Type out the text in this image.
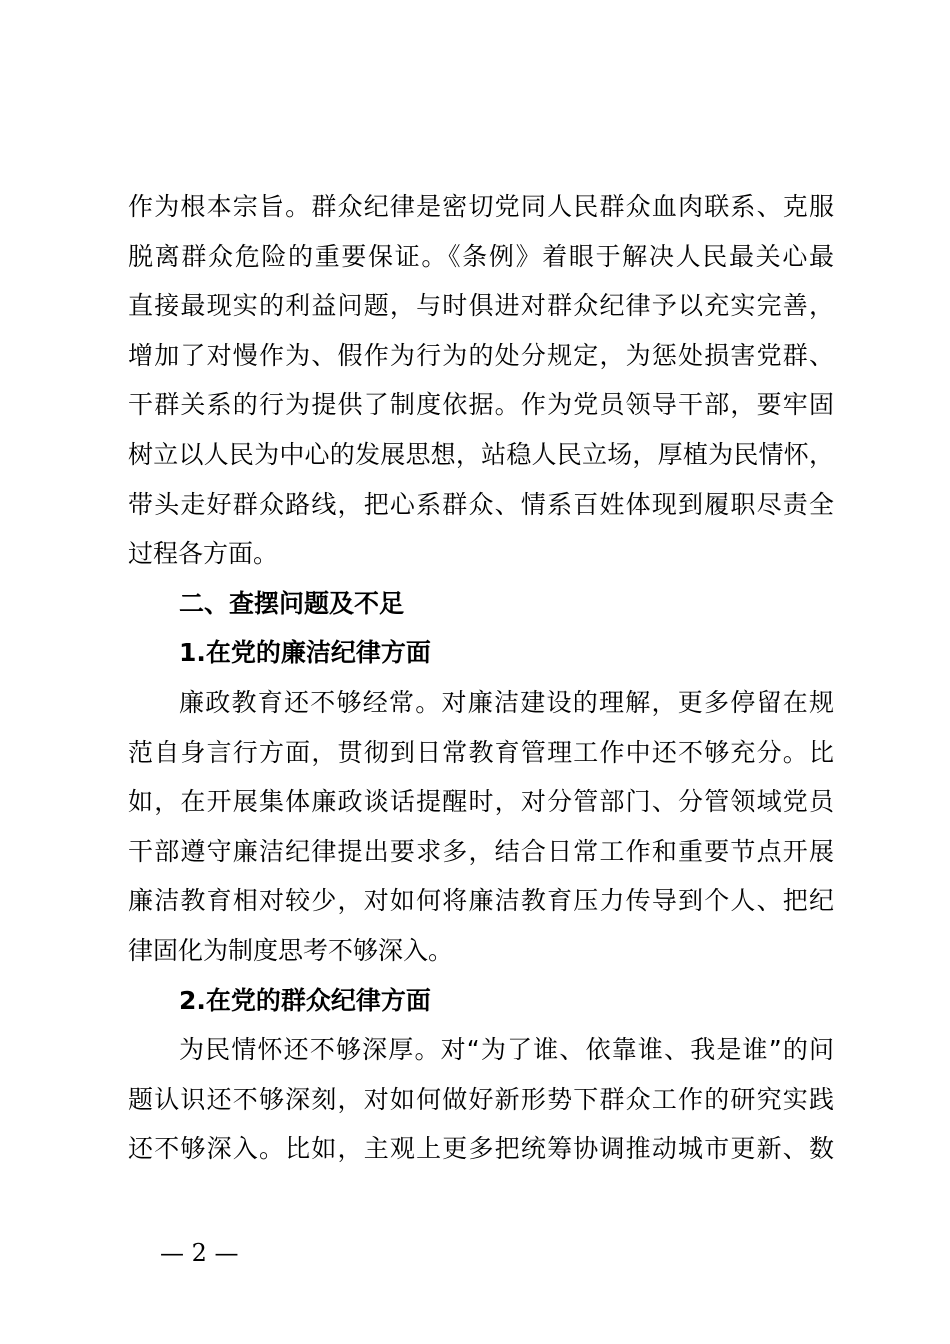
作为根本宗旨。群众纪律是密切党同人民群众血肉联系、克服
脱离群众危险的重要保证。《条例》着眼于解决人民最关心最
直接最现实的利益问题，与时俱进对群众纪律予以充实完善，
增加了对慢作为、假作为行为的处分规定，为惩处损害党群、
干群关系的行为提供了制度依据。作为党员领导干部，要牢固
树立以人民为中心的发展思想，站稳人民立场，厚植为民情怀，
带头走好群众路线，把心系群众、情系百姓体现到履职尽责全
过程各方面。
二、查摆问题及不足
1.在党的廉洁纪律方面
廉政教育还不够经常。对廉洁建设的理解，更多停留在规
范自身言行方面，贯彻到日常教育管理工作中还不够充分。比
如，在开展集体廉政谈话提醒时，对分管部门、分管领域党员
干部遵守廉洁纪律提出要求多，结合日常工作和重要节点开展
廉洁教育相对较少，对如何将廉洁教育压力传导到个人、把纪
律固化为制度思考不够深入。
2.在党的群众纪律方面
为民情怀还不够深厚。对“为了谁、依靠谁、我是谁”的问
题认识还不够深刻，对如何做好新形势下群众工作的研究实践
还不够深入。比如，主观上更多把统筹协调推动城市更新、数
— 2 —
